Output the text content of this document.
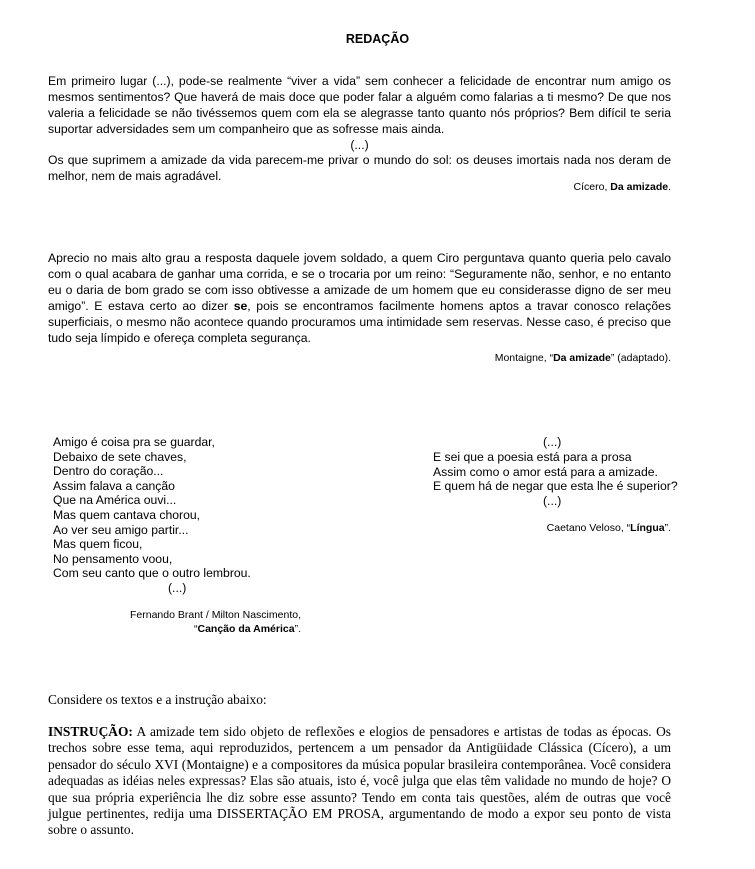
REDAÇÃO
Em primeiro lugar (...), pode-se realmente “viver a vida” sem conhecer a felicidade de encontrar num amigo os mesmos sentimentos? Que haverá de mais doce que poder falar a alguém como falarias a ti mesmo? De que nos valeria a felicidade se não tivéssemos quem com ela se alegrasse tanto quanto nós próprios? Bem difícil te seria suportar adversidades sem um companheiro que as sofresse mais ainda.
(...)
Os que suprimem a amizade da vida parecem-me privar o mundo do sol: os deuses imortais nada nos deram de melhor, nem de mais agradável.
Cícero, Da amizade.
Aprecio no mais alto grau a resposta daquele jovem soldado, a quem Ciro perguntava quanto queria pelo cavalo com o qual acabara de ganhar uma corrida, e se o trocaria por um reino: “Seguramente não, senhor, e no entanto eu o daria de bom grado se com isso obtivesse a amizade de um homem que eu considerasse digno de ser meu amigo”. E estava certo ao dizer se, pois se encontramos facilmente homens aptos a travar conosco relações superficiais, o mesmo não acontece quando procuramos uma intimidade sem reservas. Nesse caso, é preciso que tudo seja límpido e ofereça completa segurança.
Montaigne, “Da amizade” (adaptado).
Amigo é coisa pra se guardar,
Debaixo de sete chaves,
Dentro do coração...
Assim falava a canção
Que na América ouvi...
Mas quem cantava chorou,
Ao ver seu amigo partir...
Mas quem ficou,
No pensamento voou,
Com seu canto que o outro lembrou.
(...)
Fernando Brant / Milton Nascimento,
“Canção da América”.
(...)
E sei que a poesia está para a prosa
Assim como o amor está para a amizade.
E quem há de negar que esta lhe é superior?
(...)
Caetano Veloso, “Língua”.
Considere os textos e a instrução abaixo:
INSTRUÇÃO: A amizade tem sido objeto de reflexões e elogios de pensadores e artistas de todas as épocas. Os trechos sobre esse tema, aqui reproduzidos, pertencem a um pensador da Antigüidade Clássica (Cícero), a um pensador do século XVI (Montaigne) e a compositores da música popular brasileira contemporânea. Você considera adequadas as idéias neles expressas? Elas são atuais, isto é, você julga que elas têm validade no mundo de hoje? O que sua própria experiência lhe diz sobre esse assunto? Tendo em conta tais questões, além de outras que você julgue pertinentes, redija uma DISSERTAÇÃO EM PROSA, argumentando de modo a expor seu ponto de vista sobre o assunto.
